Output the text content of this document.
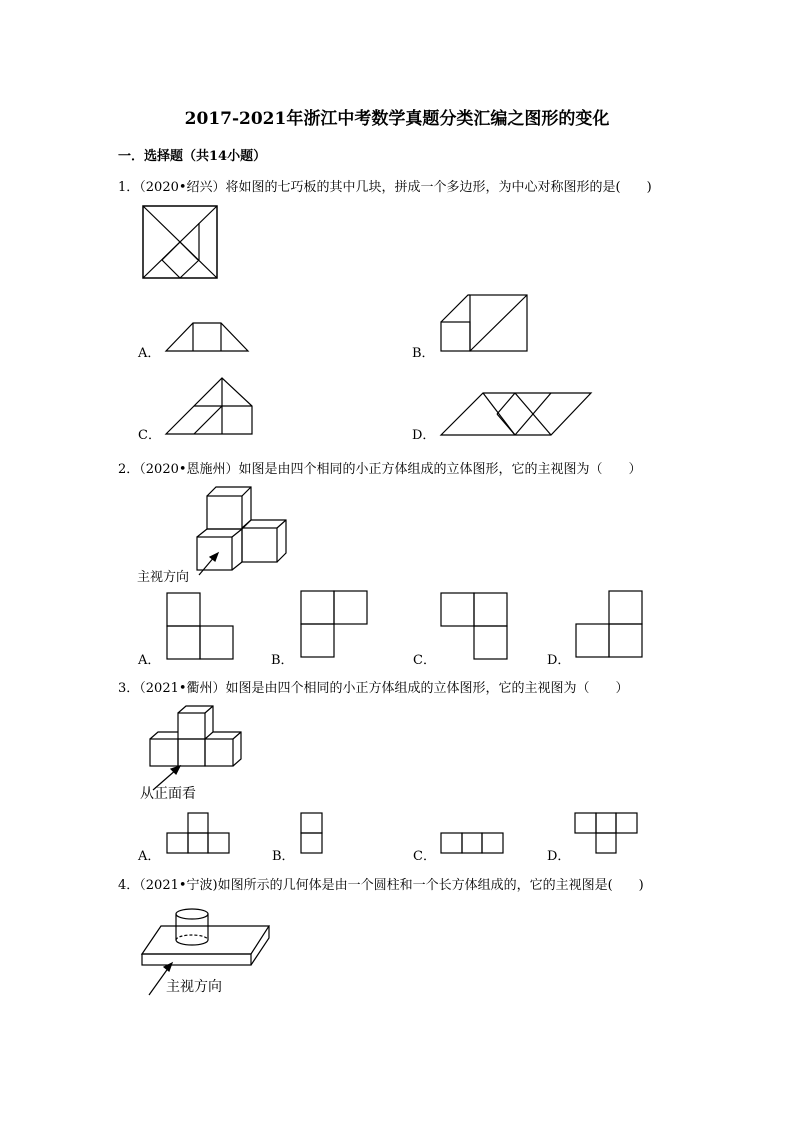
2017-2021年浙江中考数学真题分类汇编之图形的变化
一．选择题（共14小题）
1．（2020•绍兴）将如图的七巧板的其中几块，拼成一个多边形，为中心对称图形的是(　　)
A．	B．
C．	D．
2．（2020•恩施州）如图是由四个相同的小正方体组成的立体图形，它的主视图为（　　）
主视方向
A．	B．	C．	D．
3．（2021•衢州）如图是由四个相同的小正方体组成的立体图形，它的主视图为（　　）
从正面看
A．	B．	C．	D．
4．（2021•宁波)如图所示的几何体是由一个圆柱和一个长方体组成的，它的主视图是(　　)
主视方向
